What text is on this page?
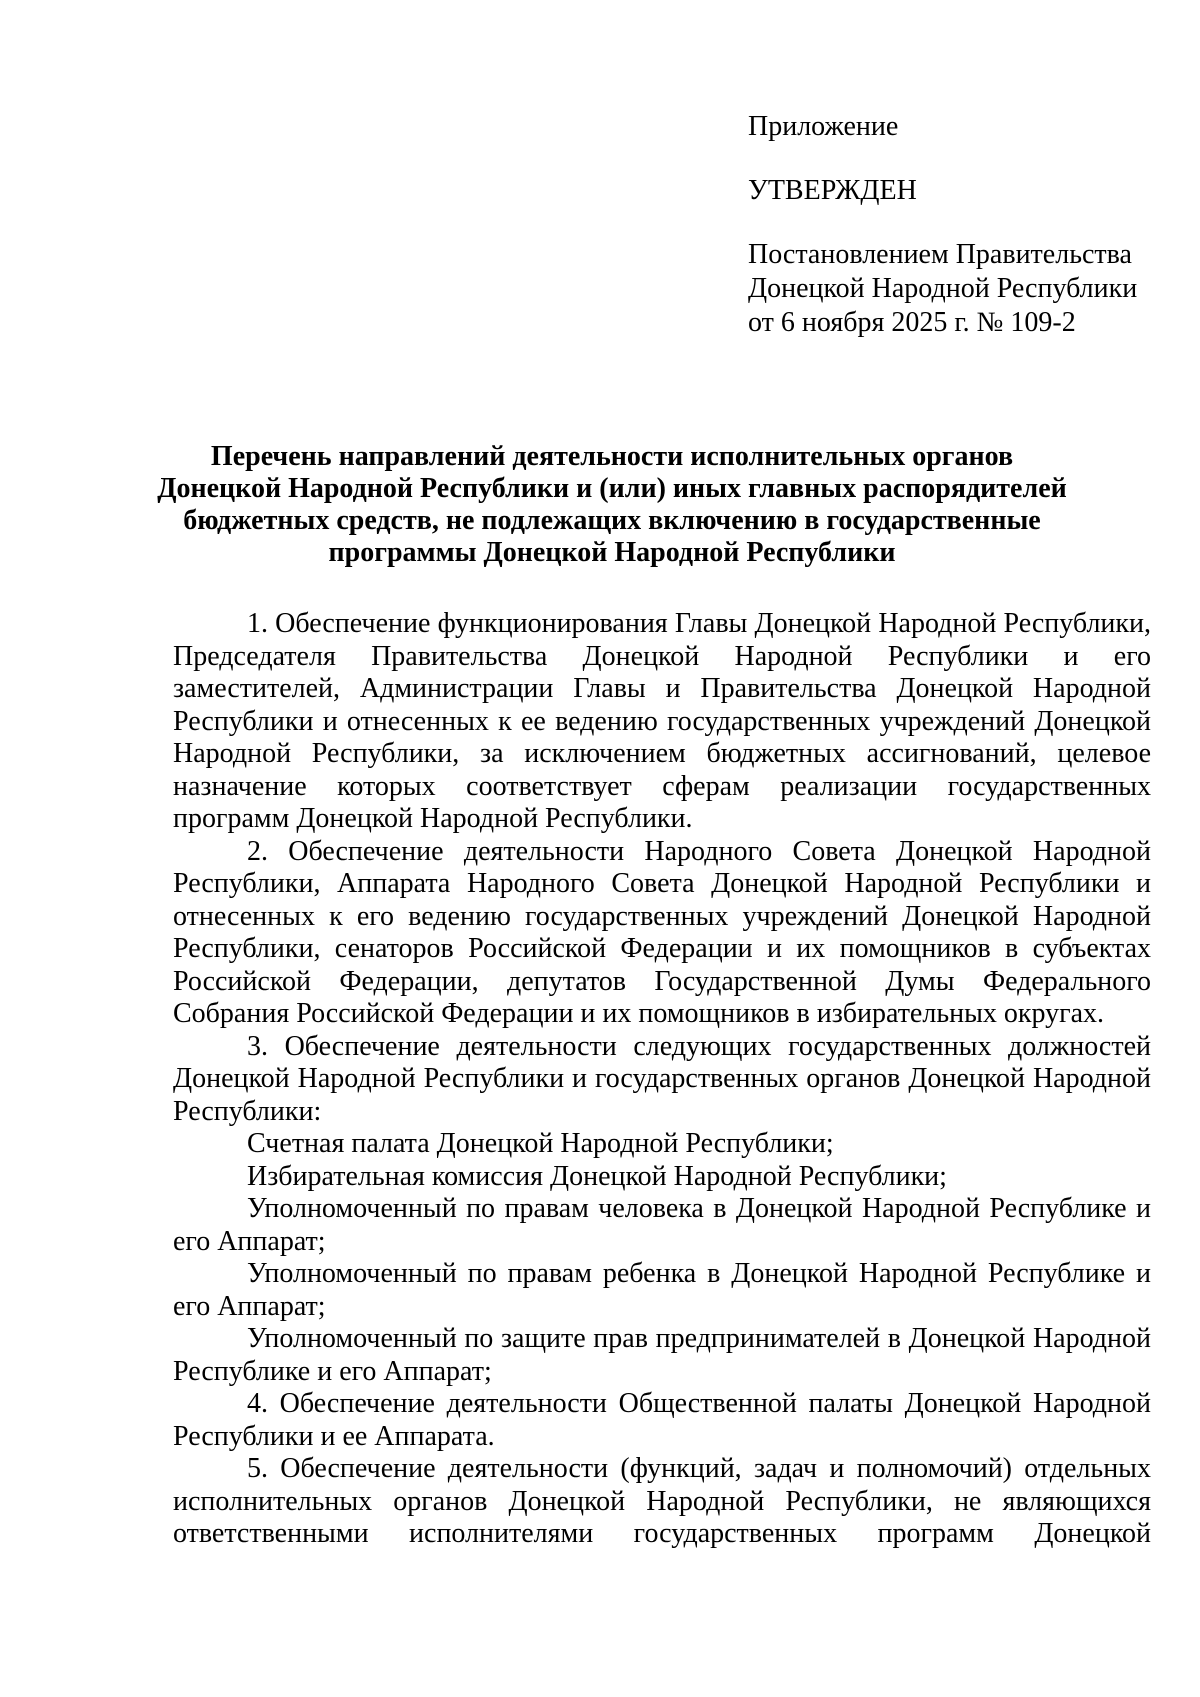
Приложение
УТВЕРЖДЕН
Постановлением Правительства
Донецкой Народной Республики
от 6 ноября 2025 г. № 109-2
Перечень направлений деятельности исполнительных органов
Донецкой Народной Республики и (или) иных главных распорядителей
бюджетных средств, не подлежащих включению в государственные
программы Донецкой Народной Республики

1. Обеспечение функционирования Главы Донецкой Народной Республики, Председателя Правительства Донецкой Народной Республики и его заместителей, Администрации Главы и Правительства Донецкой Народной Республики и отнесенных к ее ведению государственных учреждений Донецкой Народной Республики, за исключением бюджетных ассигнований, целевое назначение которых соответствует сферам реализации государственных программ Донецкой Народной Республики.

2. Обеспечение деятельности Народного Совета Донецкой Народной Республики, Аппарата Народного Совета Донецкой Народной Республики и отнесенных к его ведению государственных учреждений Донецкой Народной Республики, сенаторов Российской Федерации и их помощников в субъектах Российской Федерации, депутатов Государственной Думы Федерального Собрания Российской Федерации и их помощников в избирательных округах.

3. Обеспечение деятельности следующих государственных должностей Донецкой Народной Республики и государственных органов Донецкой Народной Республики:

Счетная палата Донецкой Народной Республики;

Избирательная комиссия Донецкой Народной Республики;

Уполномоченный по правам человека в Донецкой Народной Республике и его Аппарат;

Уполномоченный по правам ребенка в Донецкой Народной Республике и его Аппарат;

Уполномоченный по защите прав предпринимателей в Донецкой Народной Республике и его Аппарат;

4. Обеспечение деятельности Общественной палаты Донецкой Народной Республики и ее Аппарата.

5. Обеспечение деятельности (функций, задач и полномочий) отдельных исполнительных органов Донецкой Народной Республики, не являющихся ответственными исполнителями государственных программ Донецкой
